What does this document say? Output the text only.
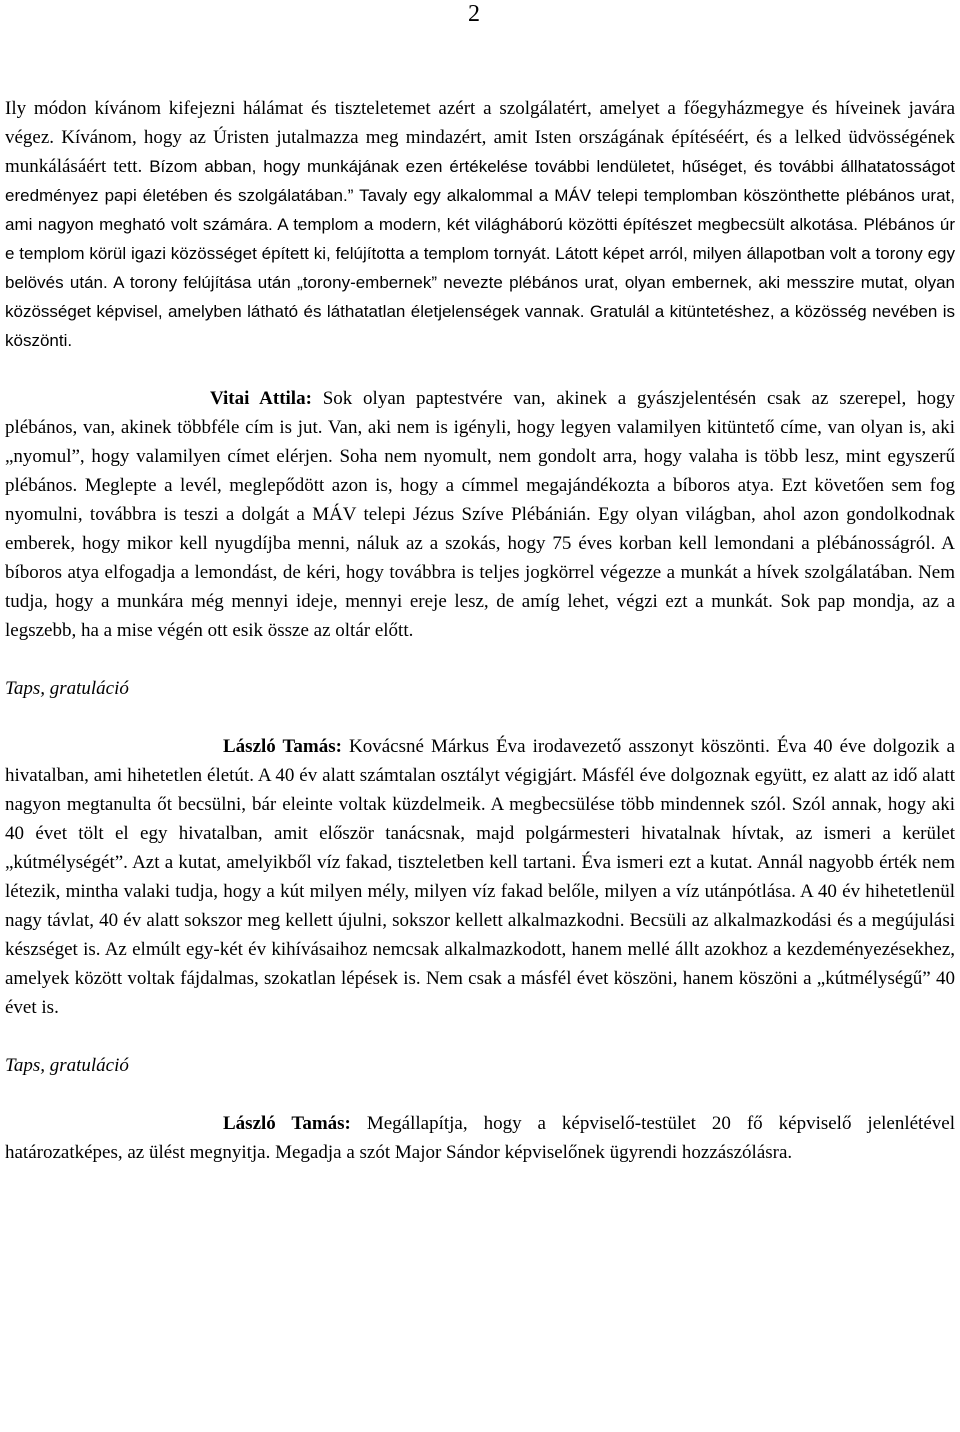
2

Ily módon kívánom kifejezni hálámat és tiszteletemet azért a szolgálatért, amelyet a főegyházmegye és híveinek javára végez. Kívánom, hogy az Úristen jutalmazza meg mindazért, amit Isten országának építéséért, és a lelked üdvösségének munkálásáért tett. Bízom abban, hogy munkájának ezen értékelése további lendületet, hűséget, és további állhatatosságot eredményez papi életében és szolgálatában.” Tavaly egy alkalommal a MÁV telepi templomban köszönthette plébános urat, ami nagyon megható volt számára. A templom a modern, két világháború közötti építészet megbecsült alkotása. Plébános úr e templom körül igazi közösséget épített ki, felújította a templom tornyát. Látott képet arról, milyen állapotban volt a torony egy belövés után. A torony felújítása után „torony-embernek” nevezte plébános urat, olyan embernek, aki messzire mutat, olyan közösséget képvisel, amelyben látható és láthatatlan életjelenségek vannak. Gratulál a kitüntetéshez, a közösség nevében is köszönti.

Vitai Attila: Sok olyan paptestvére van, akinek a gyászjelentésén csak az szerepel, hogy plébános, van, akinek többféle cím is jut. Van, aki nem is igényli, hogy legyen valamilyen kitüntető címe, van olyan is, aki „nyomul”, hogy valamilyen címet elérjen. Soha nem nyomult, nem gondolt arra, hogy valaha is több lesz, mint egyszerű plébános. Meglepte a levél, meglepődött azon is, hogy a címmel megajándékozta a bíboros atya. Ezt követően sem fog nyomulni, továbbra is teszi a dolgát a MÁV telepi Jézus Szíve Plébánián. Egy olyan világban, ahol azon gondolkodnak emberek, hogy mikor kell nyugdíjba menni, náluk az a szokás, hogy 75 éves korban kell lemondani a plébánosságról. A bíboros atya elfogadja a lemondást, de kéri, hogy továbbra is teljes jogkörrel végezze a munkát a hívek szolgálatában. Nem tudja, hogy a munkára még mennyi ideje, mennyi ereje lesz, de amíg lehet, végzi ezt a munkát. Sok pap mondja, az a legszebb, ha a mise végén ott esik össze az oltár előtt.

Taps, gratuláció

László Tamás: Kovácsné Márkus Éva irodavezető asszonyt köszönti. Éva 40 éve dolgozik a hivatalban, ami hihetetlen életút. A 40 év alatt számtalan osztályt végigjárt. Másfél éve dolgoznak együtt, ez alatt az idő alatt nagyon megtanulta őt becsülni, bár eleinte voltak küzdelmeik. A megbecsülése több mindennek szól. Szól annak, hogy aki 40 évet tölt el egy hivatalban, amit először tanácsnak, majd polgármesteri hivatalnak hívtak, az ismeri a kerület „kútmélységét”. Azt a kutat, amelyikből víz fakad, tiszteletben kell tartani. Éva ismeri ezt a kutat. Annál nagyobb érték nem létezik, mintha valaki tudja, hogy a kút milyen mély, milyen víz fakad belőle, milyen a víz utánpótlása. A 40 év hihetetlenül nagy távlat, 40 év alatt sokszor meg kellett újulni, sokszor kellett alkalmazkodni. Becsüli az alkalmazkodási és a megújulási készséget is. Az elmúlt egy-két év kihívásaihoz nemcsak alkalmazkodott, hanem mellé állt azokhoz a kezdeményezésekhez, amelyek között voltak fájdalmas, szokatlan lépések is. Nem csak a másfél évet köszöni, hanem köszöni a „kútmélységű” 40 évet is.

Taps, gratuláció

László Tamás: Megállapítja, hogy a képviselő-testület 20 fő képviselő jelenlétével határozatképes, az ülést megnyitja. Megadja a szót Major Sándor képviselőnek ügyrendi hozzászólásra.
